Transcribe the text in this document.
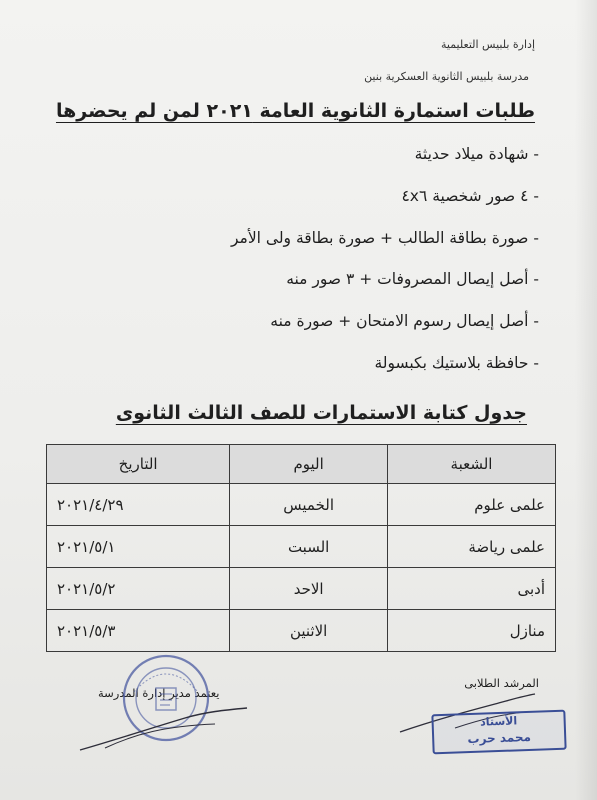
إدارة بلبيس التعليمية
مدرسة بلبيس الثانوية العسكرية بنين
طلبات استمارة الثانوية العامة ٢٠٢١ لمن لم يحضرها
- شهادة ميلاد حديثة
- ٤ صور شخصية ٤x٦
- صورة بطاقة الطالب + صورة بطاقة ولى الأمر
- أصل إيصال المصروفات + ٣ صور منه
- أصل إيصال رسوم الامتحان + صورة منه
- حافظة بلاستيك بكبسولة
جدول كتابة الاستمارات للصف الثالث الثانوى
الشعبة	اليوم	التاريخ
علمى علوم	الخميس	٢٠٢١/٤/٢٩
علمى رياضة	السبت	٢٠٢١/٥/١
أدبى	الاحد	٢٠٢١/٥/٢
منازل	الاثنين	٢٠٢١/٥/٣
المرشد الطلابى
يعتمد مدير إدارة المدرسة
الأستاذ
محمد حرب
